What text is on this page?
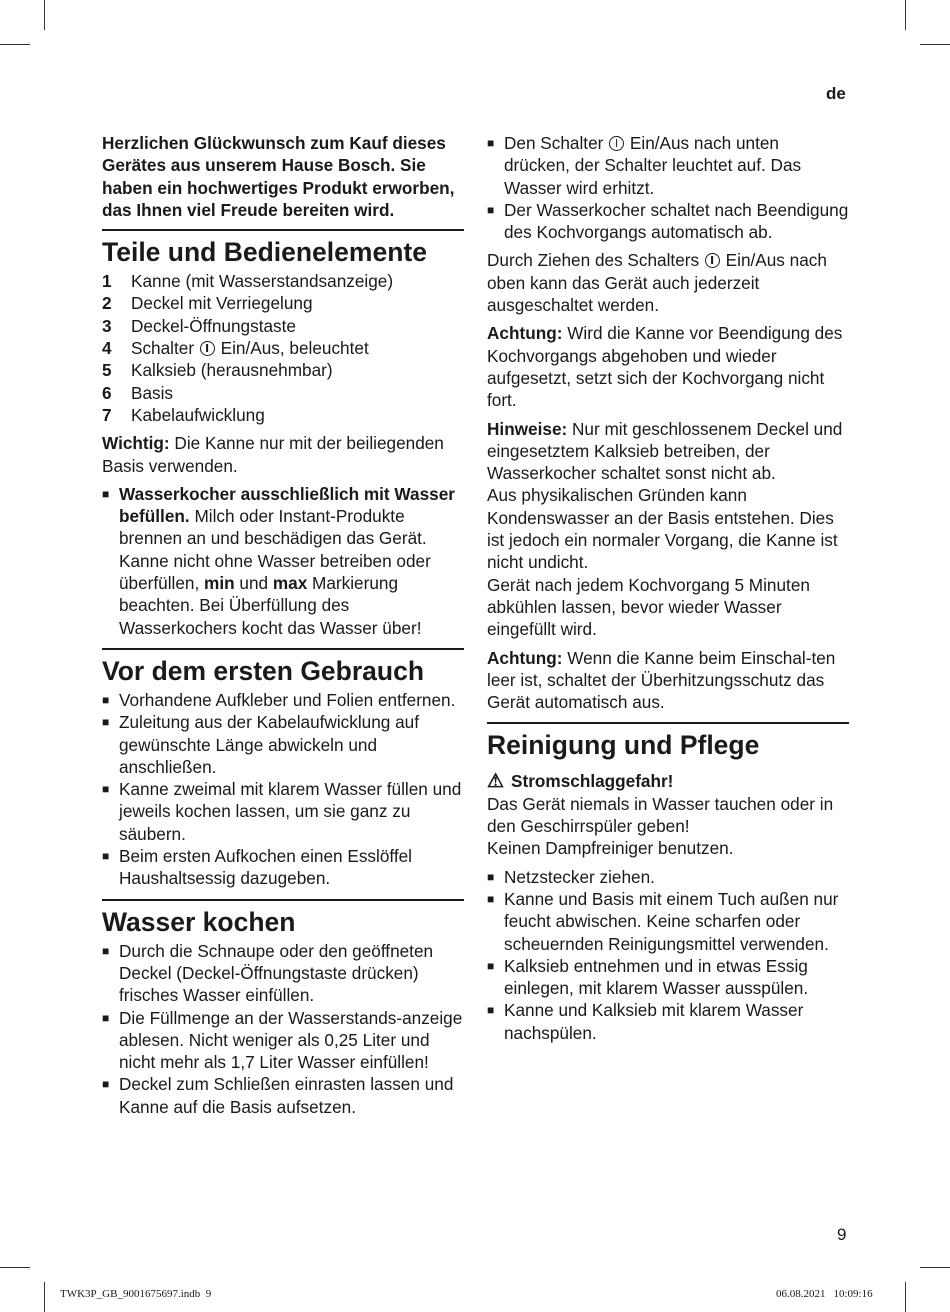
de

Herzlichen Glückwunsch zum Kauf dieses Gerätes aus unserem Hause Bosch. Sie haben ein hochwertiges Produkt erworben, das Ihnen viel Freude bereiten wird.

Teile und Bedienelemente
1	Kanne (mit Wasserstandsanzeige)
2	Deckel mit Verriegelung
3	Deckel-Öffnungstaste
4	Schalter Ein/Aus, beleuchtet
5	Kalksieb (herausnehmbar)
6	Basis
7	Kabelaufwicklung

Wichtig: Die Kanne nur mit der beiliegenden Basis verwenden.

■ Wasserkocher ausschließlich mit Wasser befüllen. Milch oder Instant-Produkte brennen an und beschädigen das Gerät. Kanne nicht ohne Wasser betreiben oder überfüllen, min und max Markierung beachten. Bei Überfüllung des Wasserkochers kocht das Wasser über!
Vor dem ersten Gebrauch
■ Vorhandene Aufkleber und Folien entfernen.
■ Zuleitung aus der Kabelaufwicklung auf gewünschte Länge abwickeln und anschließen.
■ Kanne zweimal mit klarem Wasser füllen und jeweils kochen lassen, um sie ganz zu säubern.
■ Beim ersten Aufkochen einen Esslöffel Haushaltsessig dazugeben.
Wasser kochen
■ Durch die Schnaupe oder den geöffneten Deckel (Deckel-Öffnungstaste drücken) frisches Wasser einfüllen.
■ Die Füllmenge an der Wasserstands-anzeige ablesen. Nicht weniger als 0,25 Liter und nicht mehr als 1,7 Liter Wasser einfüllen!
■ Deckel zum Schließen einrasten lassen und Kanne auf die Basis aufsetzen.
■ Den Schalter Ein/Aus nach unten drücken, der Schalter leuchtet auf. Das Wasser wird erhitzt.
■ Der Wasserkocher schaltet nach Beendigung des Kochvorgangs automatisch ab.

Durch Ziehen des Schalters Ein/Aus nach oben kann das Gerät auch jederzeit ausgeschaltet werden.

Achtung: Wird die Kanne vor Beendigung des Kochvorgangs abgehoben und wieder aufgesetzt, setzt sich der Kochvorgang nicht fort.

Hinweise: Nur mit geschlossenem Deckel und eingesetztem Kalksieb betreiben, der Wasserkocher schaltet sonst nicht ab.

Aus physikalischen Gründen kann Kondenswasser an der Basis entstehen. Dies ist jedoch ein normaler Vorgang, die Kanne ist nicht undicht.

Gerät nach jedem Kochvorgang 5 Minuten abkühlen lassen, bevor wieder Wasser eingefüllt wird.

Achtung: Wenn die Kanne beim Einschal-ten leer ist, schaltet der Überhitzungsschutz das Gerät automatisch aus.

Reinigung und Pflege

⚠ Stromschlaggefahr!

Das Gerät niemals in Wasser tauchen oder in den Geschirrspüler geben!

Keinen Dampfreiniger benutzen.

■ Netzstecker ziehen.
■ Kanne und Basis mit einem Tuch außen nur feucht abwischen. Keine scharfen oder scheuernden Reinigungsmittel verwenden.
■ Kalksieb entnehmen und in etwas Essig einlegen, mit klarem Wasser ausspülen.
■ Kanne und Kalksieb mit klarem Wasser nachspülen.
9
TWK3P_GB_9001675697.indb  9	06.08.2021 10:09:16
